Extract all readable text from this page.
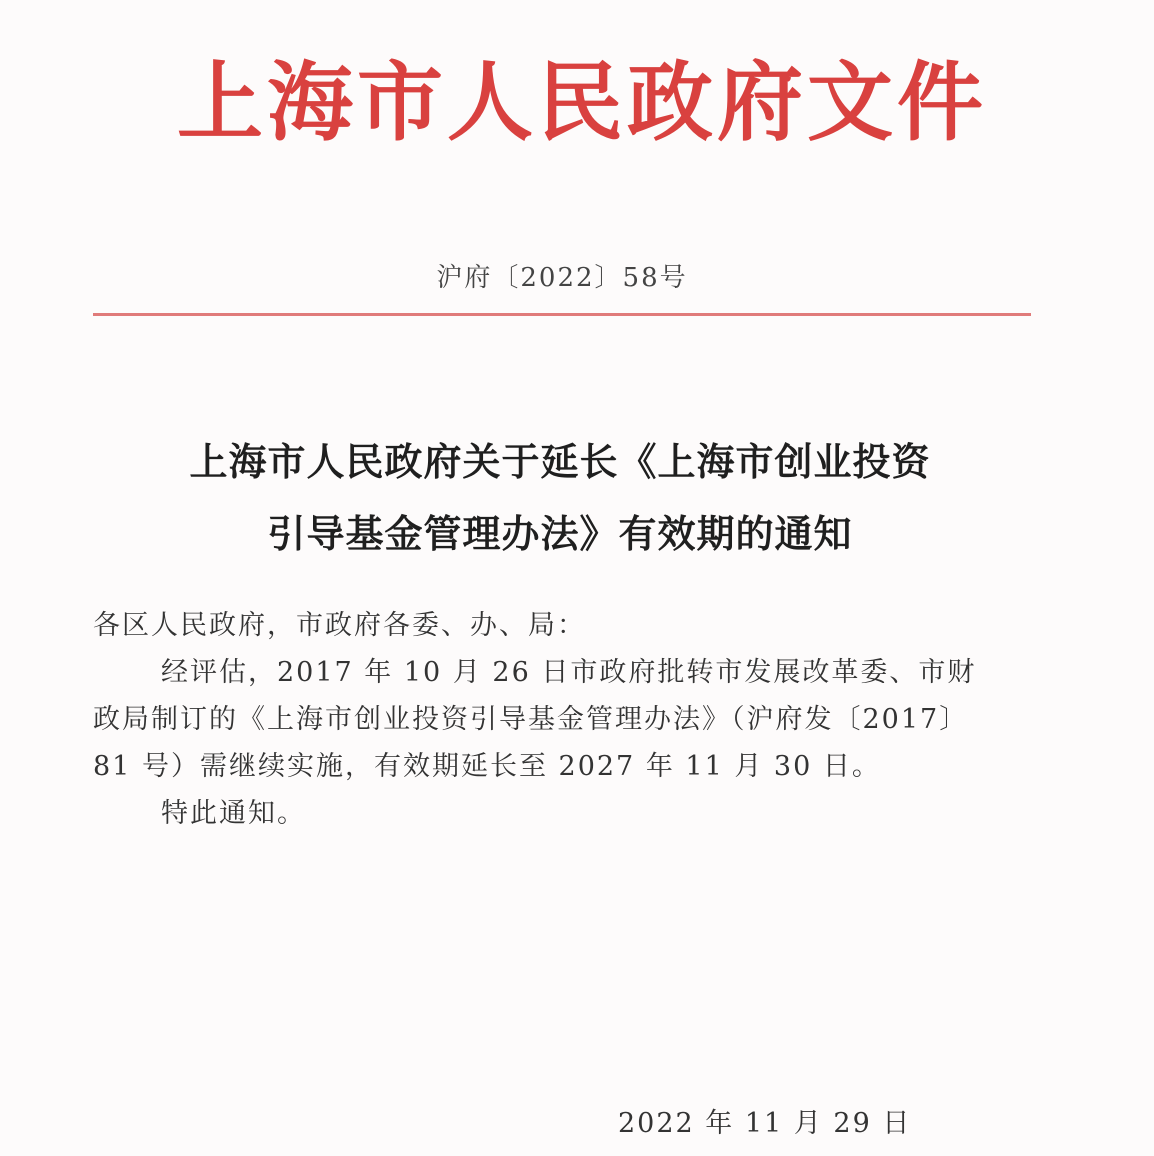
上海市人民政府文件
沪府〔2022〕58号
上海市人民政府关于延长《上海市创业投资
引导基金管理办法》有效期的通知

各区人民政府，市政府各委、办、局：

经评估，2017 年 10 月 26 日市政府批转市发展改革委、市财

政局制订的《上海市创业投资引导基金管理办法》（沪府发〔2017〕

81 号）需继续实施，有效期延长至 2027 年 11 月 30 日。

特此通知。

2022 年 11 月 29 日
